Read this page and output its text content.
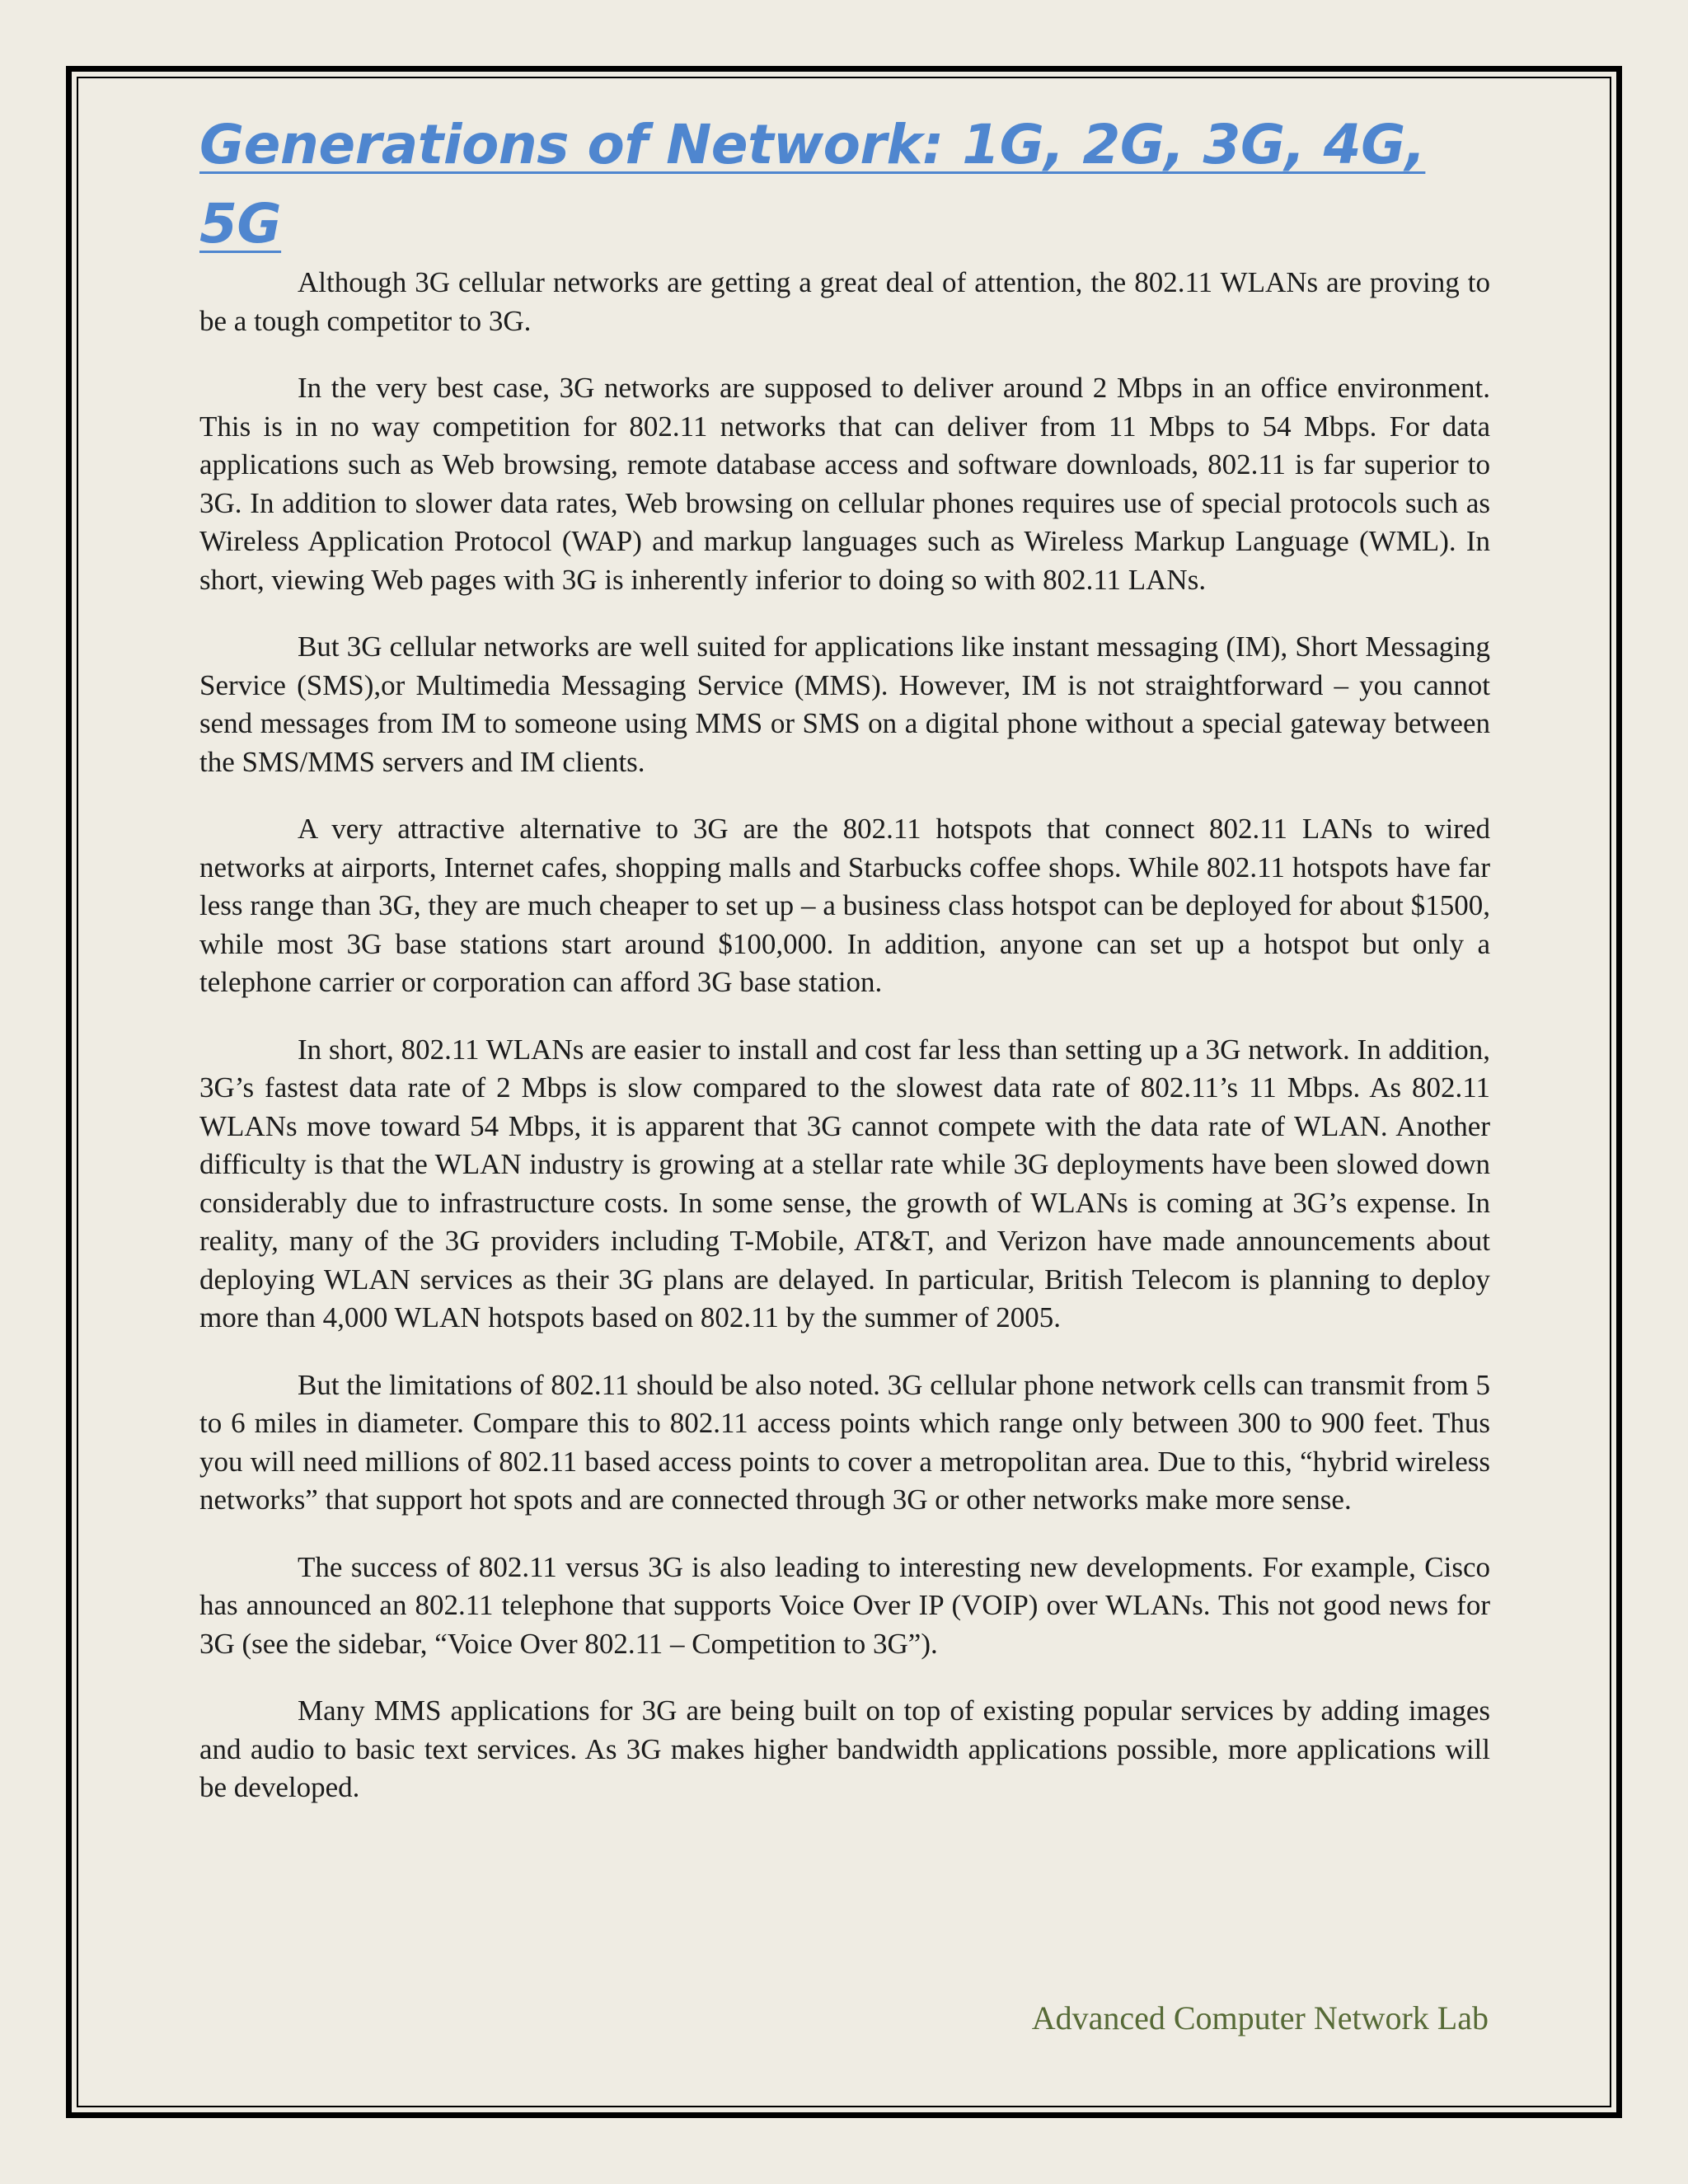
Generations of Network: 1G, 2G, 3G, 4G, 5G

Although 3G cellular networks are getting a great deal of attention, the 802.11 WLANs are proving to be a tough competitor to 3G.

In the very best case, 3G networks are supposed to deliver around 2 Mbps in an office environment. This is in no way competition for 802.11 networks that can deliver from 11 Mbps to 54 Mbps. For data applications such as Web browsing, remote database access and software downloads, 802.11 is far superior to 3G. In addition to slower data rates, Web browsing on cellular phones requires use of special protocols such as Wireless Application Protocol (WAP) and markup languages such as Wireless Markup Language (WML). In short, viewing Web pages with 3G is inherently inferior to doing so with 802.11 LANs.

But 3G cellular networks are well suited for applications like instant messaging (IM), Short Messaging Service (SMS),or Multimedia Messaging Service (MMS). However, IM is not straightforward – you cannot send messages from IM to someone using MMS or SMS on a digital phone without a special gateway between the SMS/MMS servers and IM clients.

A very attractive alternative to 3G are the 802.11 hotspots that connect 802.11 LANs to wired networks at airports, Internet cafes, shopping malls and Starbucks coffee shops. While 802.11 hotspots have far less range than 3G, they are much cheaper to set up – a business class hotspot can be deployed for about $1500, while most 3G base stations start around $100,000. In addition, anyone can set up a hotspot but only a telephone carrier or corporation can afford 3G base station.

In short, 802.11 WLANs are easier to install and cost far less than setting up a 3G network. In addition, 3G’s fastest data rate of 2 Mbps is slow compared to the slowest data rate of 802.11’s 11 Mbps. As 802.11 WLANs move toward 54 Mbps, it is apparent that 3G cannot compete with the data rate of WLAN. Another difficulty is that the WLAN industry is growing at a stellar rate while 3G deployments have been slowed down considerably due to infrastructure costs. In some sense, the growth of WLANs is coming at 3G’s expense. In reality, many of the 3G providers including T-Mobile, AT&T, and Verizon have made announcements about deploying WLAN services as their 3G plans are delayed. In particular, British Telecom is planning to deploy more than 4,000 WLAN hotspots based on 802.11 by the summer of 2005.

But the limitations of 802.11 should be also noted. 3G cellular phone network cells can transmit from 5 to 6 miles in diameter. Compare this to 802.11 access points which range only between 300 to 900 feet. Thus you will need millions of 802.11 based access points to cover a metropolitan area. Due to this, “hybrid wireless networks” that support hot spots and are connected through 3G or other networks make more sense.

The success of 802.11 versus 3G is also leading to interesting new developments. For example, Cisco has announced an 802.11 telephone that supports Voice Over IP (VOIP) over WLANs. This not good news for 3G (see the sidebar, “Voice Over 802.11 – Competition to 3G”).

Many MMS applications for 3G are being built on top of existing popular services by adding images and audio to basic text services. As 3G makes higher bandwidth applications possible, more applications will be developed.

Advanced Computer Network Lab
